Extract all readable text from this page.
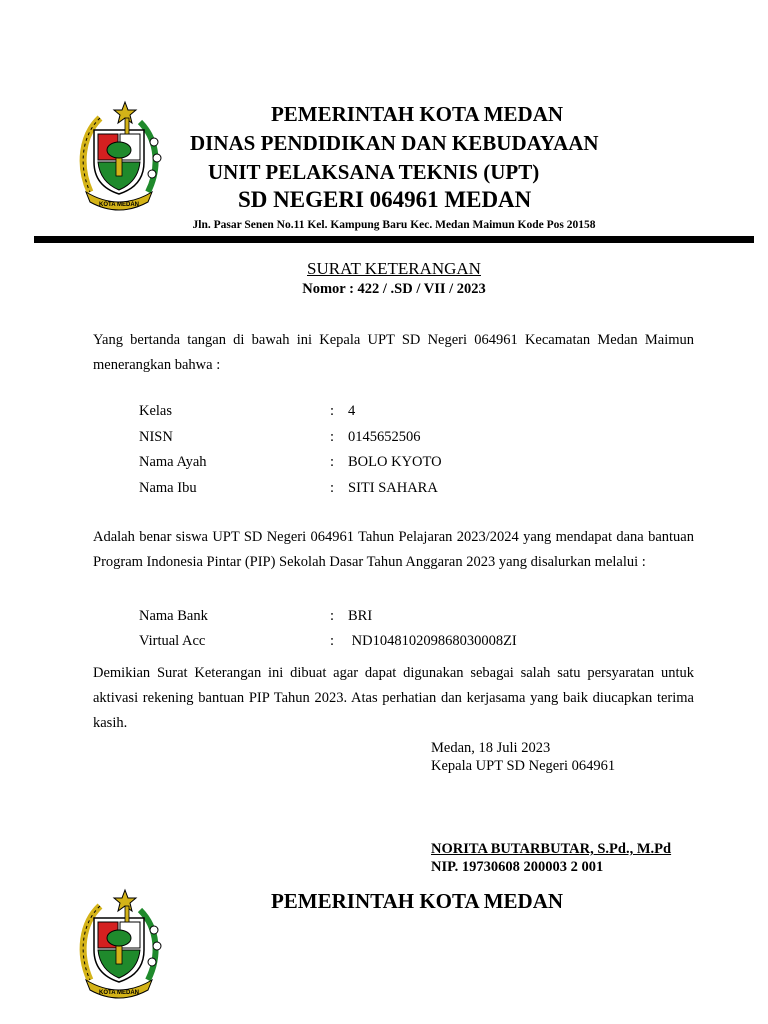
KOTA MEDAN
PEMERINTAH KOTA MEDAN
DINAS PENDIDIKAN DAN KEBUDAYAAN
UNIT PELAKSANA TEKNIS (UPT)
SD NEGERI 064961 MEDAN
Jln. Pasar Senen No.11 Kel. Kampung Baru Kec. Medan Maimun Kode Pos 20158
SURAT KETERANGAN
Nomor : 422 / .SD / VII / 2023

Yang bertanda tangan di bawah ini Kepala UPT SD Negeri 064961 Kecamatan Medan Maimun menerangkan bahwa :

Kelas	: 4
NISN	: 0145652506
Nama Ayah	: BOLO KYOTO
Nama Ibu	: SITI SAHARA

Adalah benar siswa UPT SD Negeri 064961 Tahun Pelajaran 2023/2024 yang mendapat dana bantuan Program Indonesia Pintar (PIP) Sekolah Dasar Tahun Anggaran 2023 yang disalurkan melalui :

Nama Bank	: BRI
Virtual Acc	: ND104810209868030008ZI

Demikian Surat Keterangan ini dibuat agar dapat digunakan sebagai salah satu persyaratan untuk aktivasi rekening bantuan PIP Tahun 2023. Atas perhatian dan kerjasama yang baik diucapkan terima kasih.

Medan, 18 Juli 2023
Kepala UPT SD Negeri 064961
NORITA BUTARBUTAR, S.Pd., M.Pd
NIP. 19730608 200003 2 001
KOTA MEDAN
PEMERINTAH KOTA MEDAN
